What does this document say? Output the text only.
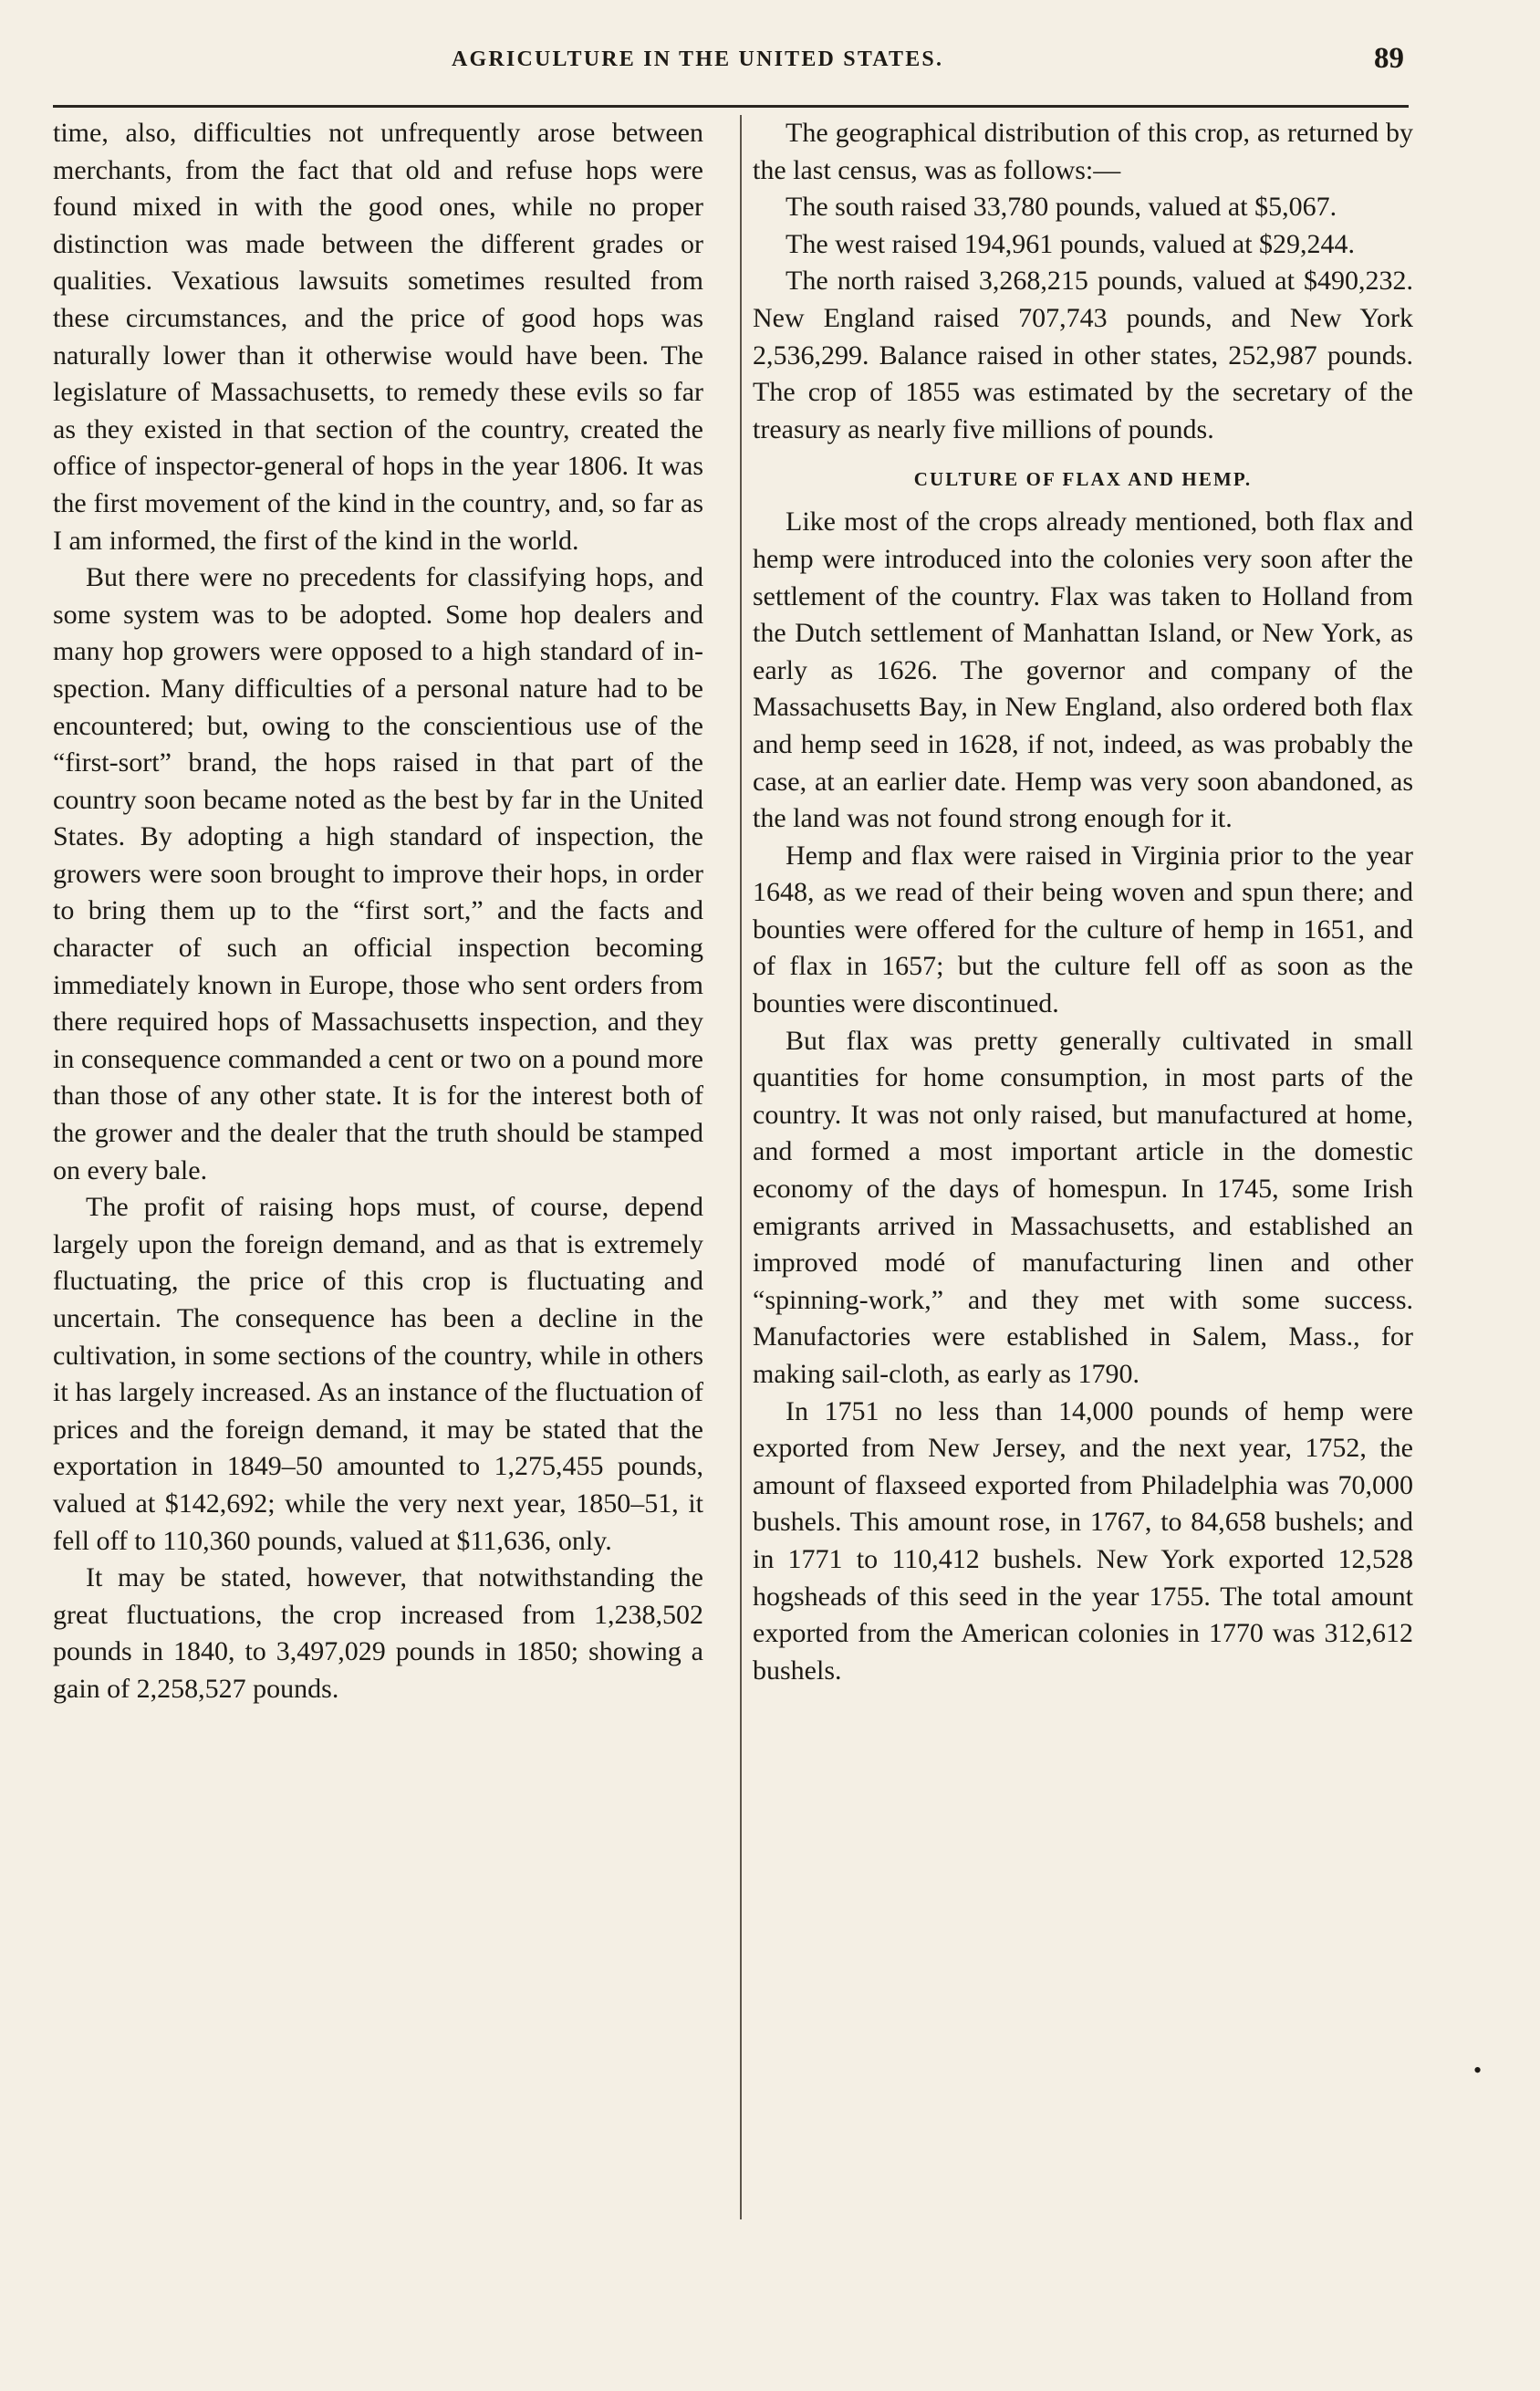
AGRICULTURE IN THE UNITED STATES.	89

time, also, difficulties not unfrequently arose between merchants, from the fact that old and refuse hops were found mixed in with the good ones, while no proper distinction was made between the different grades or qualities. Vexatious lawsuits sometimes resulted from these circumstances, and the price of good hops was naturally lower than it otherwise would have been. The legislature of Massachusetts, to remedy these evils so far as they existed in that section of the country, created the office of inspector-general of hops in the year 1806. It was the first movement of the kind in the country, and, so far as I am informed, the first of the kind in the world.

But there were no precedents for classifying hops, and some system was to be adopted. Some hop dealers and many hop growers were opposed to a high standard of inspection. Many difficulties of a personal nature had to be encountered; but, owing to the conscientious use of the “first-sort” brand, the hops raised in that part of the country soon became noted as the best by far in the United States. By adopting a high standard of inspection, the growers were soon brought to improve their hops, in order to bring them up to the “first sort,” and the facts and character of such an official inspection becoming immediately known in Europe, those who sent orders from there required hops of Massachusetts inspection, and they in consequence commanded a cent or two on a pound more than those of any other state. It is for the interest both of the grower and the dealer that the truth should be stamped on every bale.

The profit of raising hops must, of course, depend largely upon the foreign demand, and as that is extremely fluctuating, the price of this crop is fluctuating and uncertain. The consequence has been a decline in the cultivation, in some sections of the country, while in others it has largely increased. As an instance of the fluctuation of prices and the foreign demand, it may be stated that the exportation in 1849–50 amounted to 1,275,455 pounds, valued at $142,692; while the very next year, 1850–51, it fell off to 110,360 pounds, valued at $11,636, only.

It may be stated, however, that notwithstanding the great fluctuations, the crop increased from 1,238,502 pounds in 1840, to 3,497,029 pounds in 1850; showing a gain of 2,258,527 pounds.

The geographical distribution of this crop, as returned by the last census, was as follows:—

The south raised 33,780 pounds, valued at $5,067.

The west raised 194,961 pounds, valued at $29,244.

The north raised 3,268,215 pounds, valued at $490,232. New England raised 707,743 pounds, and New York 2,536,299. Balance raised in other states, 252,987 pounds. The crop of 1855 was estimated by the secretary of the treasury as nearly five millions of pounds.

CULTURE OF FLAX AND HEMP.

Like most of the crops already mentioned, both flax and hemp were introduced into the colonies very soon after the settlement of the country. Flax was taken to Holland from the Dutch settlement of Manhattan Island, or New York, as early as 1626. The governor and company of the Massachusetts Bay, in New England, also ordered both flax and hemp seed in 1628, if not, indeed, as was probably the case, at an earlier date. Hemp was very soon abandoned, as the land was not found strong enough for it.

Hemp and flax were raised in Virginia prior to the year 1648, as we read of their being woven and spun there; and bounties were offered for the culture of hemp in 1651, and of flax in 1657; but the culture fell off as soon as the bounties were discontinued.

But flax was pretty generally cultivated in small quantities for home consumption, in most parts of the country. It was not only raised, but manufactured at home, and formed a most important article in the domestic economy of the days of homespun. In 1745, some Irish emigrants arrived in Massachusetts, and established an improved modé of manufacturing linen and other “spinning-work,” and they met with some success. Manufactories were established in Salem, Mass., for making sail-cloth, as early as 1790.

In 1751 no less than 14,000 pounds of hemp were exported from New Jersey, and the next year, 1752, the amount of flaxseed exported from Philadelphia was 70,000 bushels. This amount rose, in 1767, to 84,658 bushels; and in 1771 to 110,412 bushels. New York exported 12,528 hogsheads of this seed in the year 1755. The total amount exported from the American colonies in 1770 was 312,612 bushels.

•
